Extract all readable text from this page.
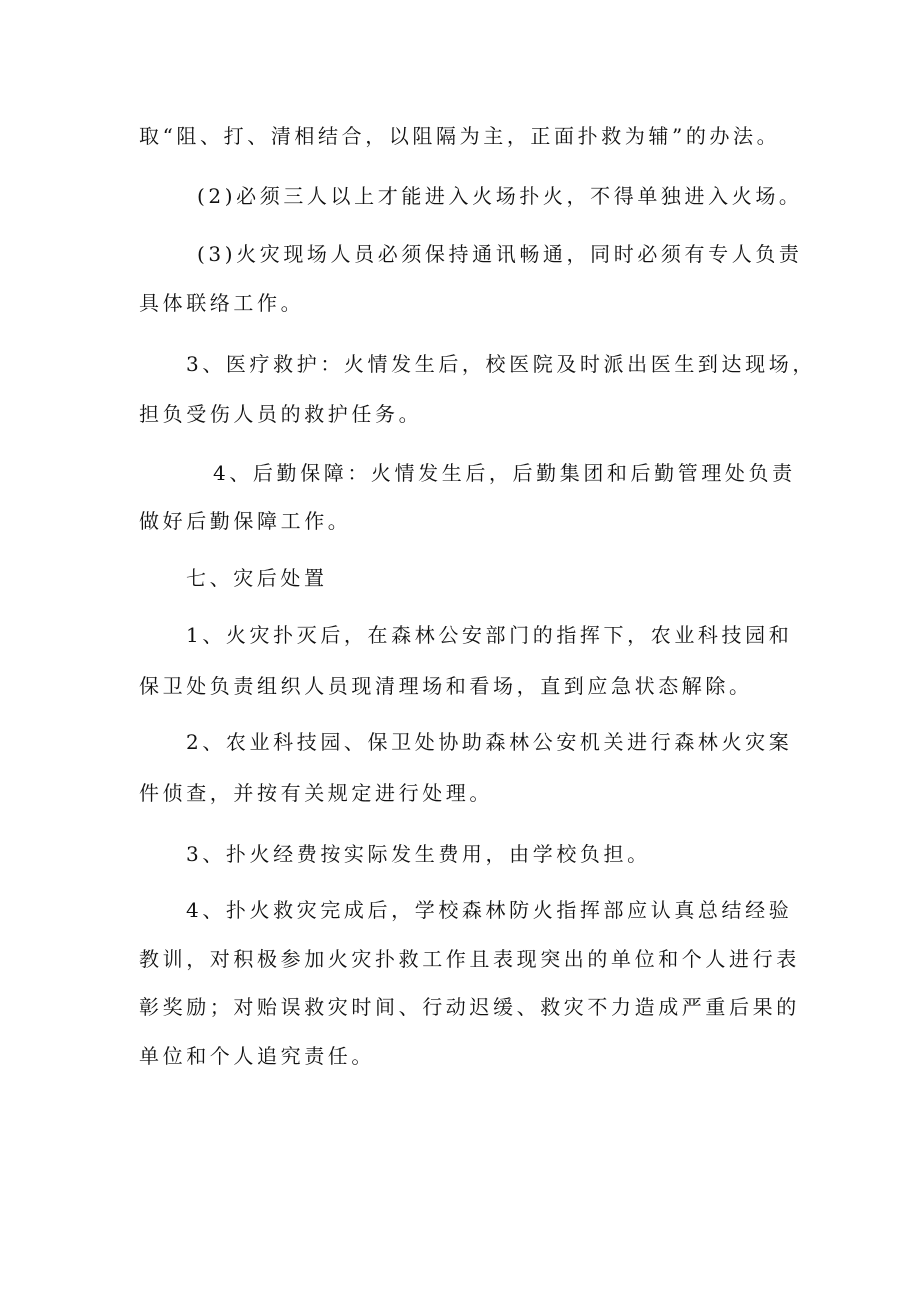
取“阻、打、清相结合，以阻隔为主，正面扑救为辅”的办法。
(2)必须三人以上才能进入火场扑火，不得单独进入火场。
(3)火灾现场人员必须保持通讯畅通，同时必须有专人负责
具体联络工作。
3、医疗救护：火情发生后，校医院及时派出医生到达现场，
担负受伤人员的救护任务。
4、后勤保障：火情发生后，后勤集团和后勤管理处负责
做好后勤保障工作。
七、灾后处置
1、火灾扑灭后，在森林公安部门的指挥下，农业科技园和
保卫处负责组织人员现清理场和看场，直到应急状态解除。
2、农业科技园、保卫处协助森林公安机关进行森林火灾案
件侦查，并按有关规定进行处理。
3、扑火经费按实际发生费用，由学校负担。
4、扑火救灾完成后，学校森林防火指挥部应认真总结经验
教训，对积极参加火灾扑救工作且表现突出的单位和个人进行表
彰奖励；对贻误救灾时间、行动迟缓、救灾不力造成严重后果的
单位和个人追究责任。
